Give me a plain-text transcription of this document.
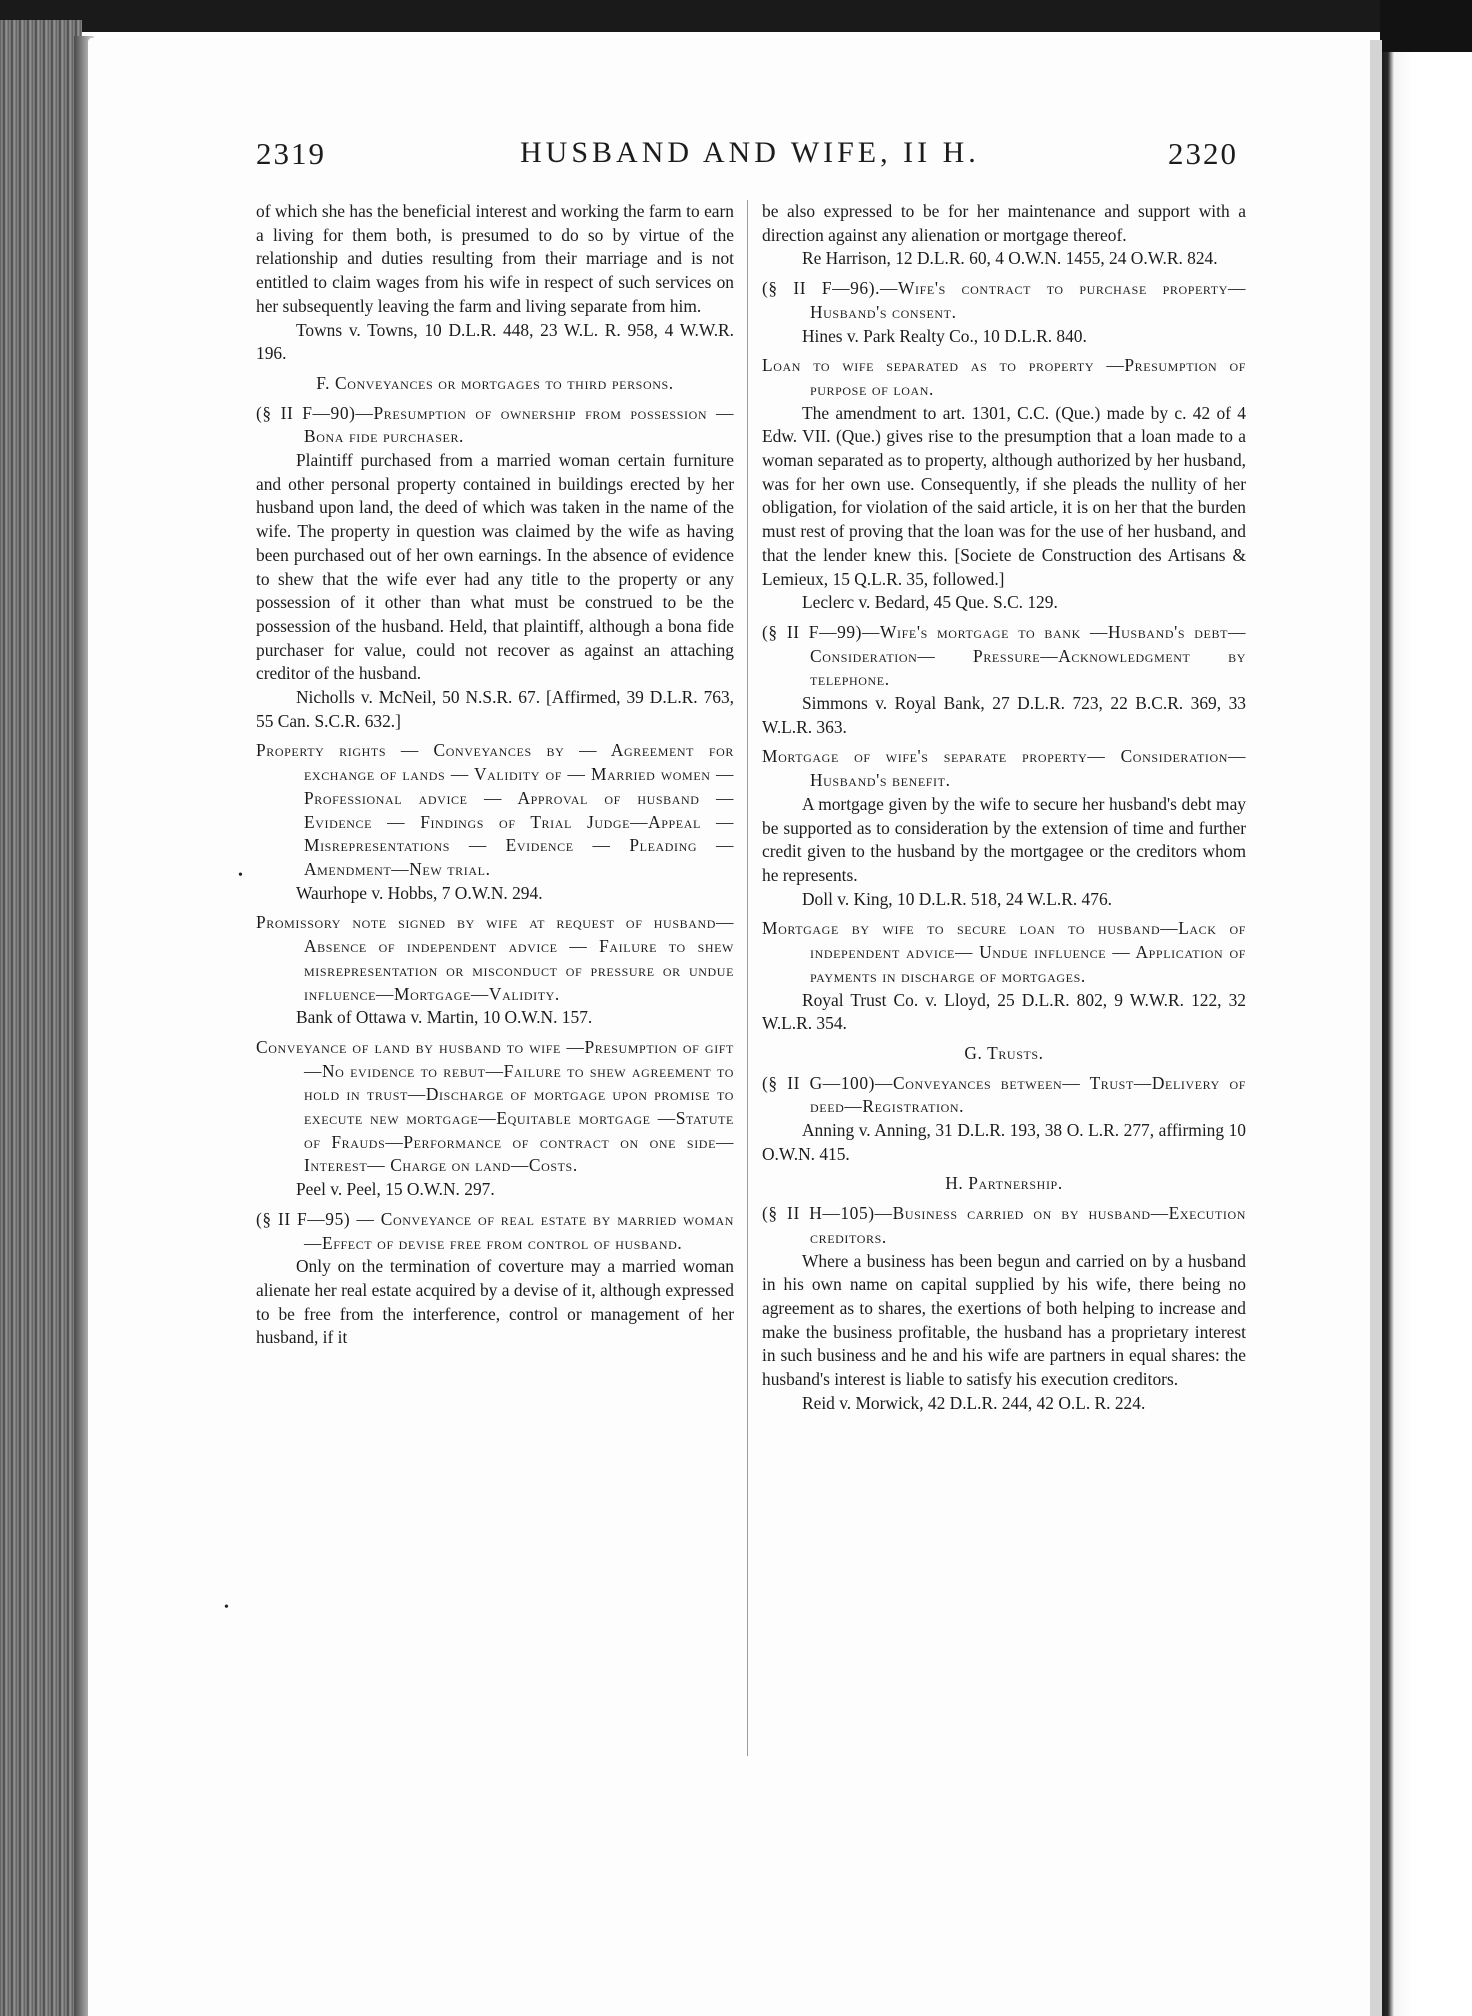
2319	HUSBAND AND WIFE, II H.	2320

of which she has the beneficial interest and working the farm to earn a living for them both, is presumed to do so by virtue of the relationship and duties resulting from their marriage and is not entitled to claim wages from his wife in respect of such services on her subsequently leaving the farm and living separate from him.

Towns v. Towns, 10 D.L.R. 448, 23 W.L. R. 958, 4 W.W.R. 196.

F. Conveyances or mortgages to third persons.

(§ II F—90)—Presumption of ownership from possession — Bona fide purchaser.

Plaintiff purchased from a married woman certain furniture and other personal property contained in buildings erected by her husband upon land, the deed of which was taken in the name of the wife. The property in question was claimed by the wife as having been purchased out of her own earnings. In the absence of evidence to shew that the wife ever had any title to the property or any possession of it other than what must be construed to be the possession of the husband. Held, that plaintiff, although a bona fide purchaser for value, could not recover as against an attaching creditor of the husband.

Nicholls v. McNeil, 50 N.S.R. 67. [Affirmed, 39 D.L.R. 763, 55 Can. S.C.R. 632.]

Property rights — Conveyances by — Agreement for exchange of lands — Validity of — Married women — Professional advice — Approval of husband — Evidence — Findings of Trial Judge—Appeal — Misrepresentations — Evidence — Pleading — Amendment—New trial.

Waurhope v. Hobbs, 7 O.W.N. 294.

Promissory note signed by wife at request of husband—Absence of independent advice — Failure to shew misrepresentation or misconduct of pressure or undue influence—Mortgage—Validity.

Bank of Ottawa v. Martin, 10 O.W.N. 157.

Conveyance of land by husband to wife —Presumption of gift—No evidence to rebut—Failure to shew agreement to hold in trust—Discharge of mortgage upon promise to execute new mortgage—Equitable mortgage —Statute of Frauds—Performance of contract on one side—Interest— Charge on land—Costs.

Peel v. Peel, 15 O.W.N. 297.

(§ II F—95) — Conveyance of real estate by married woman—Effect of devise free from control of husband.

Only on the termination of coverture may a married woman alienate her real estate acquired by a devise of it, although expressed to be free from the interference, control or management of her husband, if it

be also expressed to be for her maintenance and support with a direction against any alienation or mortgage thereof.

Re Harrison, 12 D.L.R. 60, 4 O.W.N. 1455, 24 O.W.R. 824.

(§ II F—96).—Wife's contract to purchase property—Husband's consent.

Hines v. Park Realty Co., 10 D.L.R. 840.

Loan to wife separated as to property —Presumption of purpose of loan.

The amendment to art. 1301, C.C. (Que.) made by c. 42 of 4 Edw. VII. (Que.) gives rise to the presumption that a loan made to a woman separated as to property, although authorized by her husband, was for her own use. Consequently, if she pleads the nullity of her obligation, for violation of the said article, it is on her that the burden must rest of proving that the loan was for the use of her husband, and that the lender knew this. [Societe de Construction des Artisans & Lemieux, 15 Q.L.R. 35, followed.]

Leclerc v. Bedard, 45 Que. S.C. 129.

(§ II F—99)—Wife's mortgage to bank —Husband's debt—Consideration— Pressure—Acknowledgment by telephone.

Simmons v. Royal Bank, 27 D.L.R. 723, 22 B.C.R. 369, 33 W.L.R. 363.

Mortgage of wife's separate property— Consideration—Husband's benefit.

A mortgage given by the wife to secure her husband's debt may be supported as to consideration by the extension of time and further credit given to the husband by the mortgagee or the creditors whom he represents.

Doll v. King, 10 D.L.R. 518, 24 W.L.R. 476.

Mortgage by wife to secure loan to husband—Lack of independent advice— Undue influence — Application of payments in discharge of mortgages.

Royal Trust Co. v. Lloyd, 25 D.L.R. 802, 9 W.W.R. 122, 32 W.L.R. 354.

G. Trusts.

(§ II G—100)—Conveyances between— Trust—Delivery of deed—Registration.

Anning v. Anning, 31 D.L.R. 193, 38 O. L.R. 277, affirming 10 O.W.N. 415.

H. Partnership.

(§ II H—105)—Business carried on by husband—Execution creditors.

Where a business has been begun and carried on by a husband in his own name on capital supplied by his wife, there being no agreement as to shares, the exertions of both helping to increase and make the business profitable, the husband has a proprietary interest in such business and he and his wife are partners in equal shares: the husband's interest is liable to satisfy his execution creditors.

Reid v. Morwick, 42 D.L.R. 244, 42 O.L. R. 224.

•
•
